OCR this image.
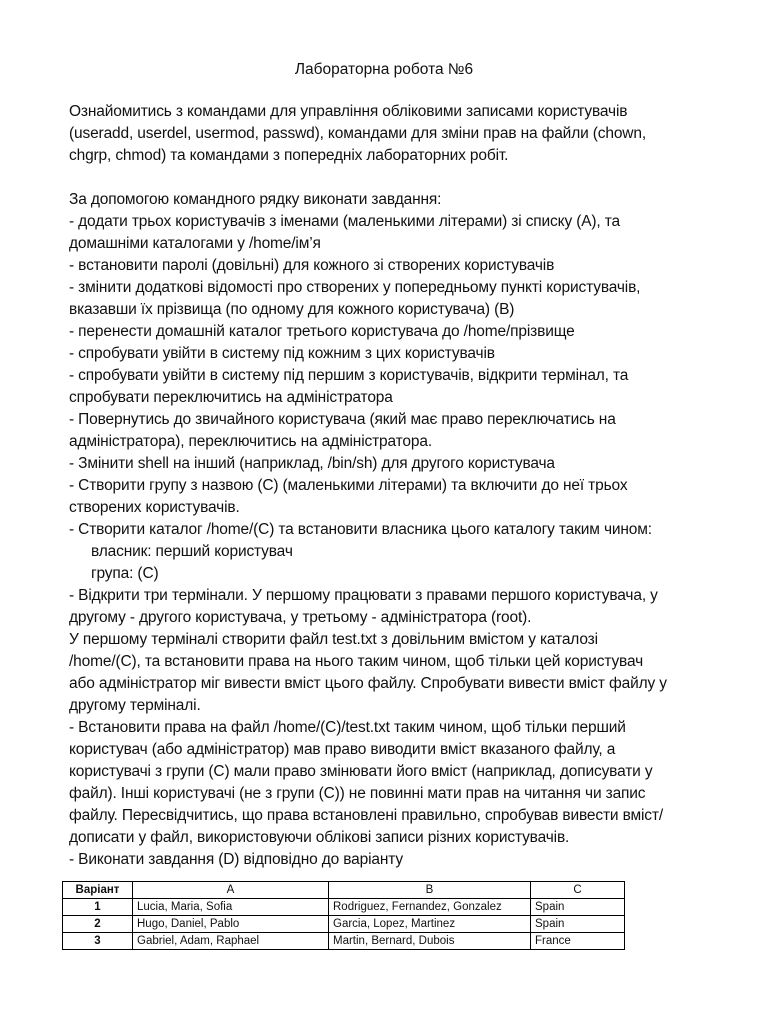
Лабораторна робота №6
Ознайомитись з командами для управління обліковими записами користувачів
(useradd, userdel, usermod, passwd), командами для зміни прав на файли (chown,
chgrp, chmod) та командами з попередніх лабораторних робіт.
За допомогою командного рядку виконати завдання:
- додати трьох користувачів з іменами (маленькими літерами) зі списку (А), та
домашніми каталогами у /home/ім’я
- встановити паролі (довільні) для кожного зі створених користувачів
- змінити додаткові відомості про створених у попередньому пункті користувачів,
вказавши їх прізвища (по одному для кожного користувача) (В)
- перенести домашній каталог третього користувача до /home/прізвище
- спробувати увійти в систему під кожним з цих користувачів
- спробувати увійти в систему під першим з користувачів, відкрити термінал, та
спробувати переключитись на адміністратора
- Повернутись до звичайного користувача (який має право переключатись на
адміністратора), переключитись на адміністратора.
- Змінити shell на інший (наприклад, /bin/sh) для другого користувача
- Створити групу з назвою (С) (маленькими літерами) та включити до неї трьох
створених користувачів.
- Створити каталог /home/(С) та встановити власника цього каталогу таким чином:
власник: перший користувач
група: (С)
- Відкрити три термінали. У першому працювати з правами першого користувача, у
другому - другого користувача, у третьому - адміністратора (root).
У першому терміналі створити файл test.txt з довільним вмістом у каталозі
/home/(С), та встановити права на нього таким чином, щоб тільки цей користувач
або адміністратор міг вивести вміст цього файлу. Спробувати вивести вміст файлу у
другому терміналі.
- Встановити права на файл /home/(C)/test.txt таким чином, щоб тільки перший
користувач (або адміністратор) мав право виводити вміст вказаного файлу, а
користувачі з групи (С) мали право змінювати його вміст (наприклад, дописувати у
файл). Інші користувачі (не з групи (С)) не повинні мати прав на читання чи запис
файлу. Пересвідчитись, що права встановлені правильно, спробував вивести вміст/
дописати у файл, використовуючи облікові записи різних користувачів.
- Виконати завдання (D) відповідно до варіанту
Варіант	A	B	C
1	Lucia, Maria, Sofia	Rodriguez, Fernandez, Gonzalez	Spain
2	Hugo, Daniel, Pablo	Garcia, Lopez, Martinez	Spain
3	Gabriel, Adam, Raphael	Martin, Bernard, Dubois	France
